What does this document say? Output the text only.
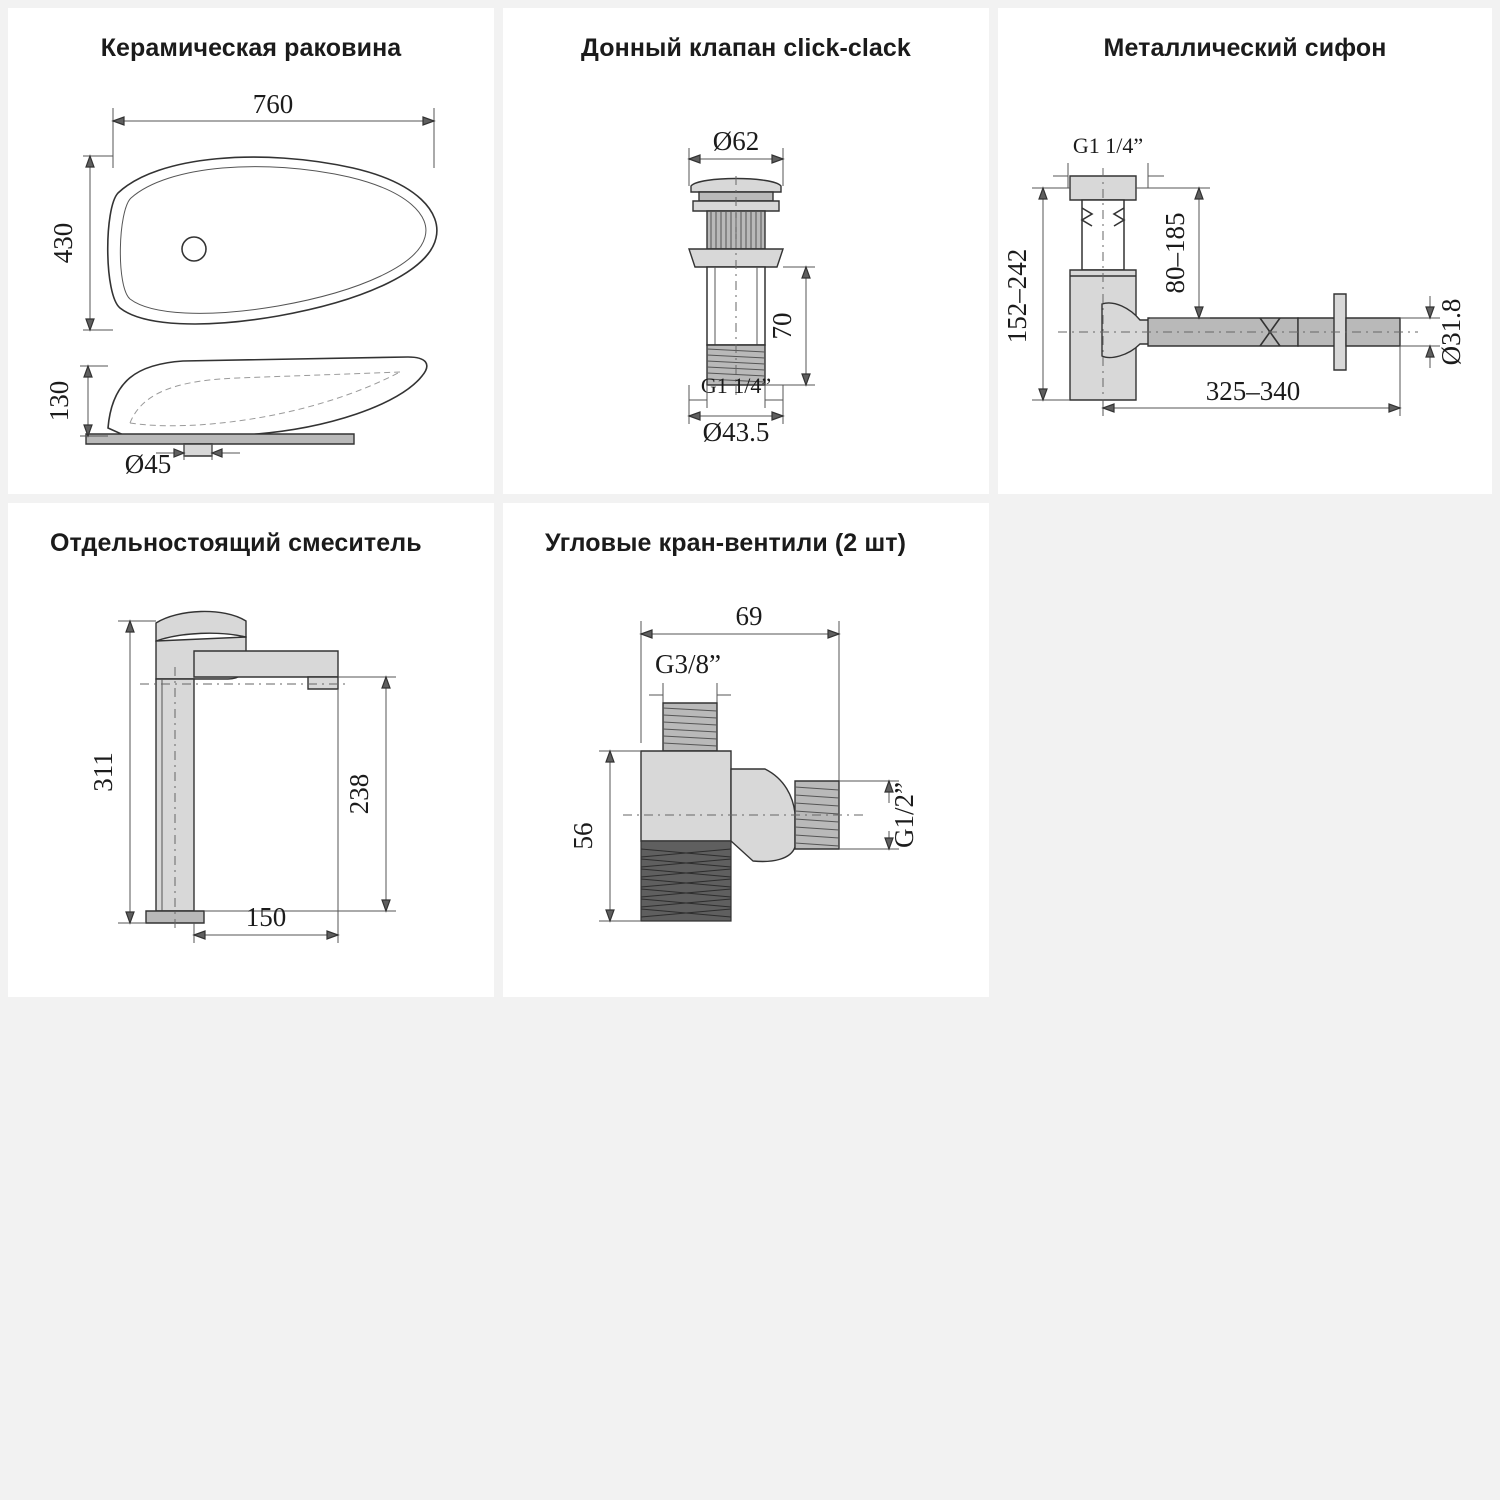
Керамическая раковина
760
430
130
Ø45
Донный клапан click-clack
Ø62
70
G1 1/4”
Ø43.5
Металлический сифон
G1 1/4”
80–185
152–242
325–340
Ø31.8
Отдельностоящий смеситель
311
238
150
Угловые кран-вентили (2 шт)
69
G3/8”
56	G1/2”
